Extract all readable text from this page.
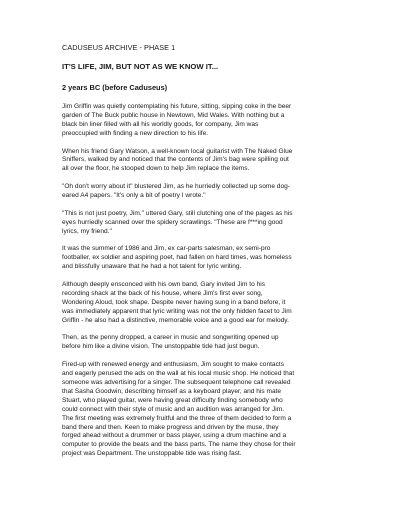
CADUSEUS ARCHIVE - PHASE 1
IT'S LIFE, JIM, BUT NOT AS WE KNOW IT...
2 years BC (before Caduseus)
Jim Griffin was quietly contemplating his future, sitting, sipping coke in the beer
garden of The Buck public house in Newtown, Mid Wales. With nothing but a
black bin liner filled with all his worldly goods, for company, Jim was
preoccupied with finding a new direction to his life.
When his friend Gary Watson, a well-known local guitarist with The Naked Glue
Sniffers, walked by and noticed that the contents of Jim's bag were spilling out
all over the floor, he stooped down to help Jim replace the items.
"Oh don't worry about it" blustered Jim, as he hurriedly collected up some dog-
eared A4 papers. "It's only a bit of poetry I wrote."
"This is not just poetry, Jim." uttered Gary, still clutching one of the pages as his
eyes hurriedly scanned over the spidery scrawlings. "These are f***ing good
lyrics, my friend."
It was the summer of 1986 and Jim, ex car-parts salesman, ex semi-pro
footballer, ex soldier and aspiring poet, had fallen on hard times, was homeless
and blissfully unaware that he had a hot talent for lyric writing.
Although deeply ensconced with his own band, Gary invited Jim to his
recording shack at the back of his house, where Jim's first ever song,
Wondering Aloud, took shape. Despite never having sung in a band before, it
was immediately apparent that lyric writing was not the only hidden facet to Jim
Griffin - he also had a distinctive, memorable voice and a good ear for melody.
Then, as the penny dropped, a career in music and songwriting opened up
before him like a divine vision. The unstoppable tide had just begun.
Fired-up with renewed energy and enthusiasm, Jim sought to make contacts
and eagerly perused the ads on the wall at his local music shop. He noticed that
someone was advertising for a singer. The subsequent telephone call revealed
that Sasha Goodwin, describing himself as a keyboard player, and his mate
Stuart, who played guitar, were having great difficulty finding somebody who
could connect with their style of music and an audition was arranged for Jim.
The first meeting was extremely fruitful and the three of them decided to form a
band there and then. Keen to make progress and driven by the muse, they
forged ahead without a drummer or bass player, using a drum machine and a
computer to provide the beats and the bass parts. The name they chose for their
project was Department. The unstoppable tide was rising fast.
